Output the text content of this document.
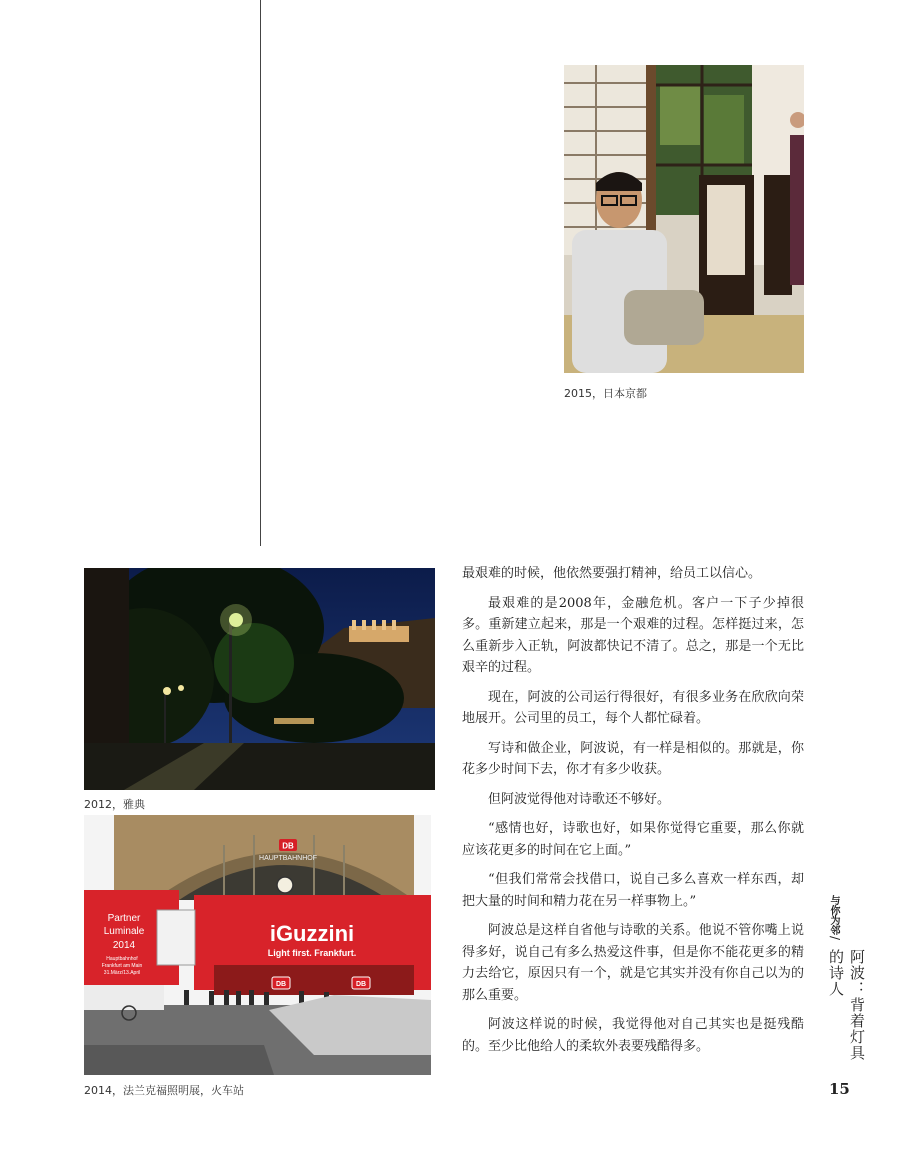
2015，日本京都
2012，雅典
DB
HAUPTBAHNHOF
Partner
Luminale
2014
Hauptbahnhof
Frankfurt am Main
31.März/13.April
iGuzzini
Light first. Frankfurt.
DB	DB
2014，法兰克福照明展，火车站

最艰难的时候，他依然要强打精神，给员工以信心。

最艰难的是2008年，金融危机。客户一下子少掉很多。重新建立起来，那是一个艰难的过程。怎样挺过来，怎么重新步入正轨，阿波都快记不清了。总之，那是一个无比艰辛的过程。

现在，阿波的公司运行得很好，有很多业务在欣欣向荣地展开。公司里的员工，每个人都忙碌着。

写诗和做企业，阿波说，有一样是相似的。那就是，你花多少时间下去，你才有多少收获。

但阿波觉得他对诗歌还不够好。

“感情也好，诗歌也好，如果你觉得它重要，那么你就应该花更多的时间在它上面。”

“但我们常常会找借口，说自己多么喜欢一样东西，却把大量的时间和精力花在另一样事物上。”

阿波总是这样自省他与诗歌的关系。他说不管你嘴上说得多好，说自己有多么热爱这件事，但是你不能花更多的精力去给它，原因只有一个，就是它其实并没有你自己以为的那么重要。

阿波这样说的时候，我觉得他对自己其实也是挺残酷的。至少比他给人的柔软外表要残酷得多。

与你为邻
/
阿波：背着灯具的诗人
15
